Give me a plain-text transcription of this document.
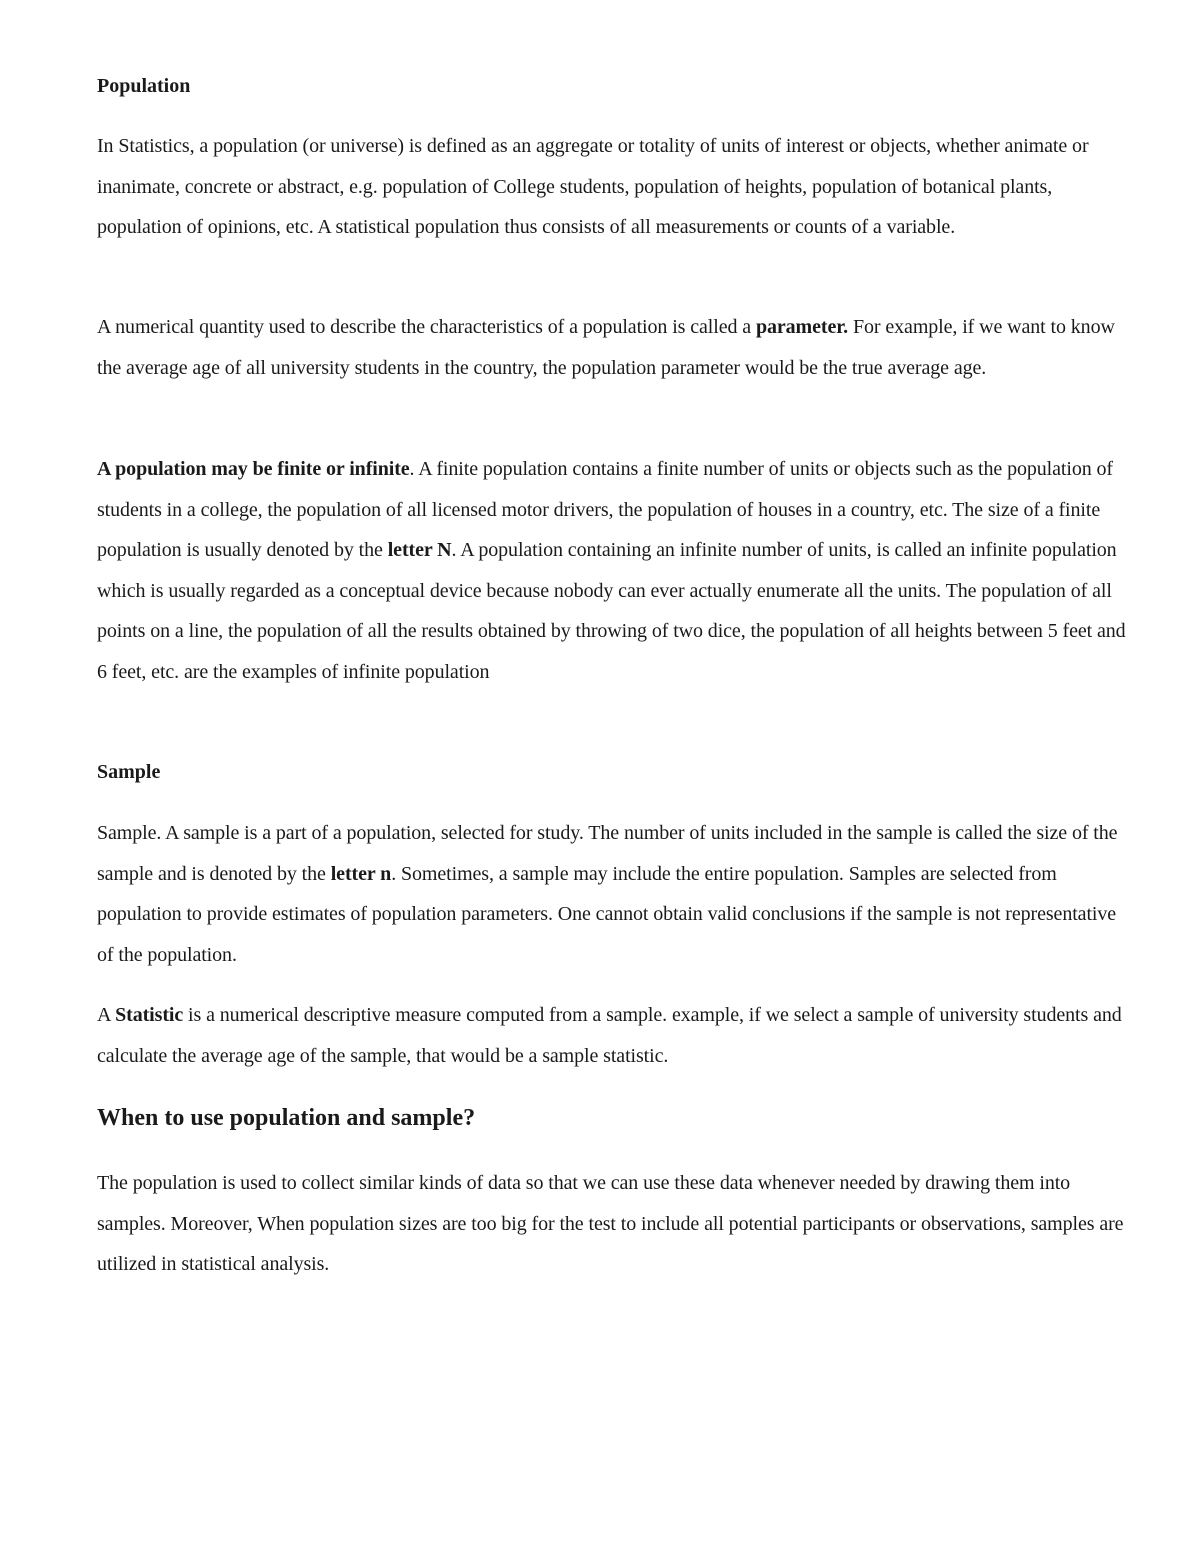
Population

In Statistics, a population (or universe) is defined as an aggregate or totality of units of interest or objects, whether animate or inanimate, concrete or abstract, e.g. population of College students, population of heights, population of botanical plants, population of opinions, etc. A statistical population thus consists of all measurements or counts of a variable.

A numerical quantity used to describe the characteristics of a population is called a parameter. For example, if we want to know the average age of all university students in the country, the population parameter would be the true average age.

A population may be finite or infinite. A finite population contains a finite number of units or objects such as the population of students in a college, the population of all licensed motor drivers, the population of houses in a country, etc. The size of a finite population is usually denoted by the letter N. A population containing an infinite number of units, is called an infinite population which is usually regarded as a conceptual device because nobody can ever actually enumerate all the units. The population of all points on a line, the population of all the results obtained by throwing of two dice, the population of all heights between 5 feet and 6 feet, etc. are the examples of infinite population

Sample

Sample. A sample is a part of a population, selected for study. The number of units included in the sample is called the size of the sample and is denoted by the letter n. Sometimes, a sample may include the entire population. Samples are selected from population to provide estimates of population parameters. One cannot obtain valid conclusions if the sample is not representative of the population.

A Statistic is a numerical descriptive measure computed from a sample. example, if we select a sample of university students and calculate the average age of the sample, that would be a sample statistic.

When to use population and sample?

The population is used to collect similar kinds of data so that we can use these data whenever needed by drawing them into samples. Moreover, When population sizes are too big for the test to include all potential participants or observations, samples are utilized in statistical analysis.
